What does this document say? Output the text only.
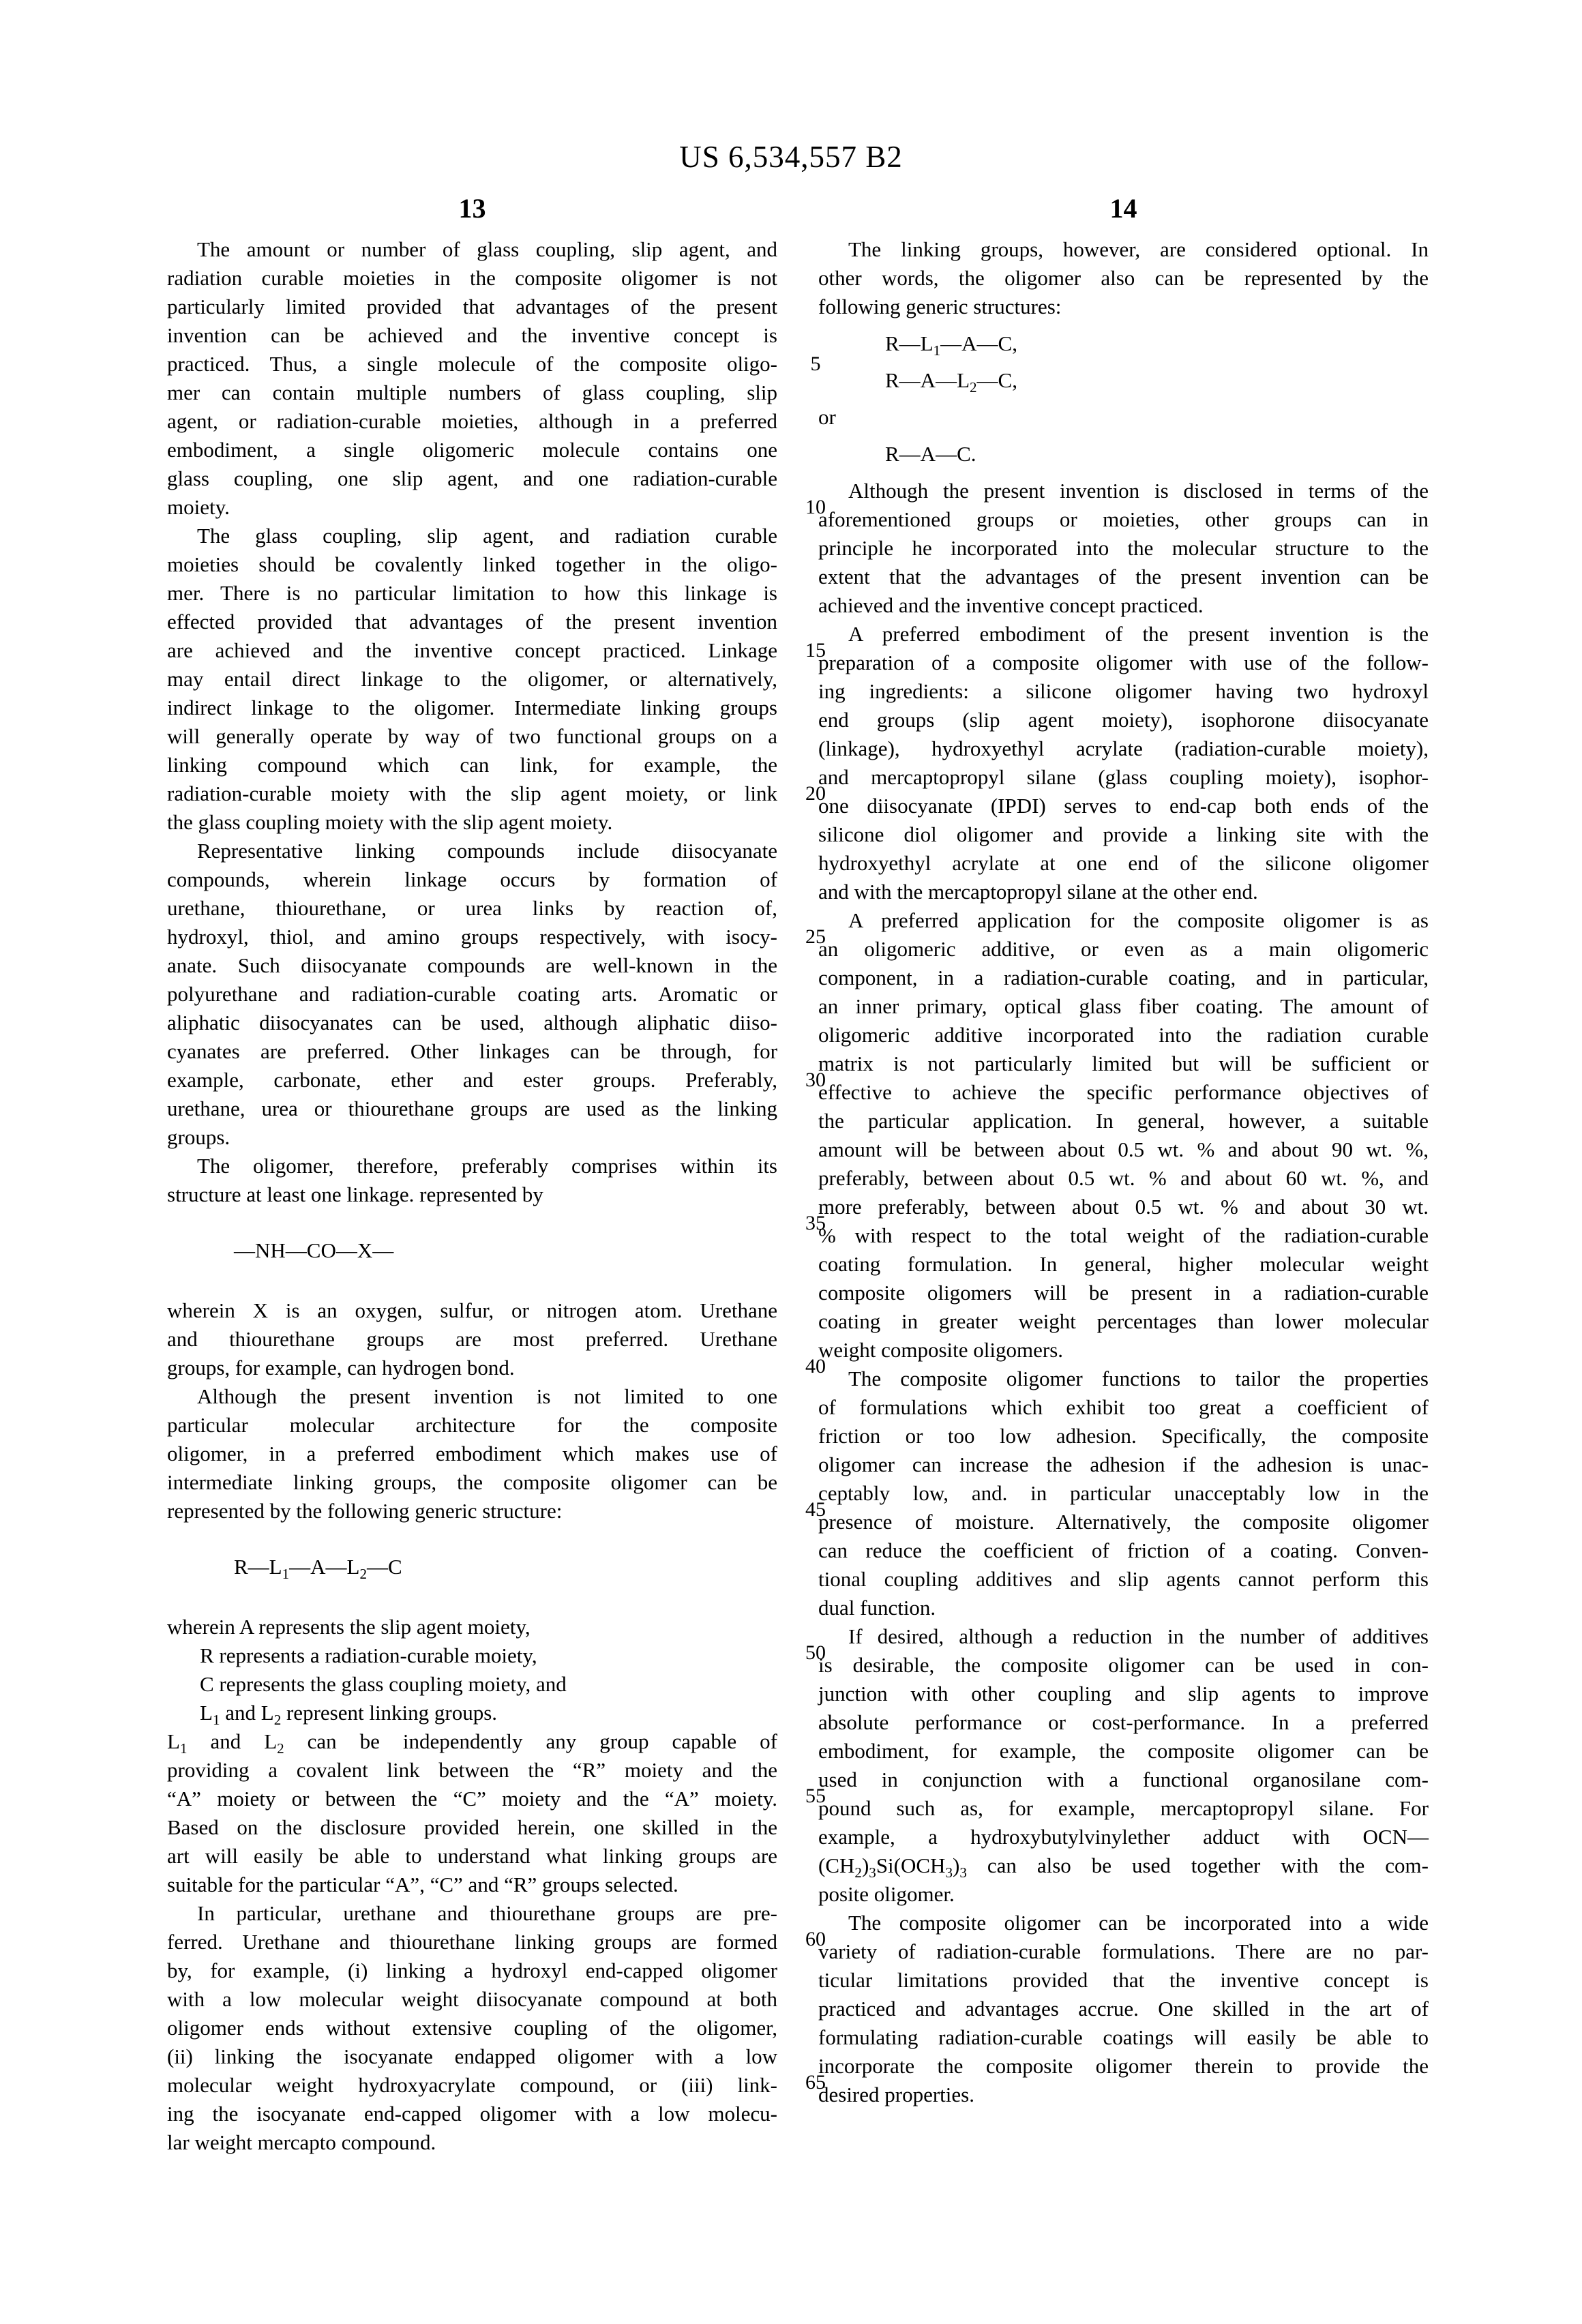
US 6,534,557 B2
13	14
The amount or number of glass coupling, slip agent, and
radiation curable moieties in the composite oligomer is not
particularly limited provided that advantages of the present
invention can be achieved and the inventive concept is
practiced. Thus, a single molecule of the composite oligo-
mer can contain multiple numbers of glass coupling, slip
agent, or radiation-curable moieties, although in a preferred
embodiment, a single oligomeric molecule contains one
glass coupling, one slip agent, and one radiation-curable
moiety.
The glass coupling, slip agent, and radiation curable
moieties should be covalently linked together in the oligo-
mer. There is no particular limitation to how this linkage is
effected provided that advantages of the present invention
are achieved and the inventive concept practiced. Linkage
may entail direct linkage to the oligomer, or alternatively,
indirect linkage to the oligomer. Intermediate linking groups
will generally operate by way of two functional groups on a
linking compound which can link, for example, the
radiation-curable moiety with the slip agent moiety, or link
the glass coupling moiety with the slip agent moiety.
Representative linking compounds include diisocyanate
compounds, wherein linkage occurs by formation of
urethane, thiourethane, or urea links by reaction of,
hydroxyl, thiol, and amino groups respectively, with isocy-
anate. Such diisocyanate compounds are well-known in the
polyurethane and radiation-curable coating arts. Aromatic or
aliphatic diisocyanates can be used, although aliphatic diiso-
cyanates are preferred. Other linkages can be through, for
example, carbonate, ether and ester groups. Preferably,
urethane, urea or thiourethane groups are used as the linking
groups.
The oligomer, therefore, preferably comprises within its
structure at least one linkage. represented by
—NH—CO—X—
wherein X is an oxygen, sulfur, or nitrogen atom. Urethane
and thiourethane groups are most preferred. Urethane
groups, for example, can hydrogen bond.
Although the present invention is not limited to one
particular molecular architecture for the composite
oligomer, in a preferred embodiment which makes use of
intermediate linking groups, the composite oligomer can be
represented by the following generic structure:
$R—L_1—A—L_2—C$
wherein A represents the slip agent moiety,
R represents a radiation-curable moiety,
C represents the glass coupling moiety, and
$L_1$ and $L_2$ represent linking groups.
$L_1$ and $L_2$ can be independently any group capable of
providing a covalent link between the “R” moiety and the
“A” moiety or between the “C” moiety and the “A” moiety.
Based on the disclosure provided herein, one skilled in the
art will easily be able to understand what linking groups are
suitable for the particular “A”, “C” and “R” groups selected.
In particular, urethane and thiourethane groups are pre-
ferred. Urethane and thiourethane linking groups are formed
by, for example, (i) linking a hydroxyl end-capped oligomer
with a low molecular weight diisocyanate compound at both
oligomer ends without extensive coupling of the oligomer,
(ii) linking the isocyanate endapped oligomer with a low
molecular weight hydroxyacrylate compound, or (iii) link-
ing the isocyanate end-capped oligomer with a low molecu-
lar weight mercapto compound.
The linking groups, however, are considered optional. In
other words, the oligomer also can be represented by the
following generic structures:
$R—L_1—A—C$,
$R—A—L_2—C$,
or
R—A—C.
Although the present invention is disclosed in terms of the
aforementioned groups or moieties, other groups can in
principle he incorporated into the molecular structure to the
extent that the advantages of the present invention can be
achieved and the inventive concept practiced.
A preferred embodiment of the present invention is the
preparation of a composite oligomer with use of the follow-
ing ingredients: a silicone oligomer having two hydroxyl
end groups (slip agent moiety), isophorone diisocyanate
(linkage), hydroxyethyl acrylate (radiation-curable moiety),
and mercaptopropyl silane (glass coupling moiety), isophor-
one diisocyanate (IPDI) serves to end-cap both ends of the
silicone diol oligomer and provide a linking site with the
hydroxyethyl acrylate at one end of the silicone oligomer
and with the mercaptopropyl silane at the other end.
A preferred application for the composite oligomer is as
an oligomeric additive, or even as a main oligomeric
component, in a radiation-curable coating, and in particular,
an inner primary, optical glass fiber coating. The amount of
oligomeric additive incorporated into the radiation curable
matrix is not particularly limited but will be sufficient or
effective to achieve the specific performance objectives of
the particular application. In general, however, a suitable
amount will be between about 0.5 wt. % and about 90 wt. %,
preferably, between about 0.5 wt. % and about 60 wt. %, and
more preferably, between about 0.5 wt. % and about 30 wt.
% with respect to the total weight of the radiation-curable
coating formulation. In general, higher molecular weight
composite oligomers will be present in a radiation-curable
coating in greater weight percentages than lower molecular
weight composite oligomers.
The composite oligomer functions to tailor the properties
of formulations which exhibit too great a coefficient of
friction or too low adhesion. Specifically, the composite
oligomer can increase the adhesion if the adhesion is unac-
ceptably low, and. in particular unacceptably low in the
presence of moisture. Alternatively, the composite oligomer
can reduce the coefficient of friction of a coating. Conven-
tional coupling additives and slip agents cannot perform this
dual function.
If desired, although a reduction in the number of additives
is desirable, the composite oligomer can be used in con-
junction with other coupling and slip agents to improve
absolute performance or cost-performance. In a preferred
embodiment, for example, the composite oligomer can be
used in conjunction with a functional organosilane com-
pound such as, for example, mercaptopropyl silane. For
example, a hydroxybutylvinylether adduct with OCN—
$(CH_2)_3Si(OCH_3)_3$ can also be used together with the com-
posite oligomer.
The composite oligomer can be incorporated into a wide
variety of radiation-curable formulations. There are no par-
ticular limitations provided that the inventive concept is
practiced and advantages accrue. One skilled in the art of
formulating radiation-curable coatings will easily be able to
incorporate the composite oligomer therein to provide the
desired properties.
5
10
15
20
25
30
35
40
45
50
55
60
65
